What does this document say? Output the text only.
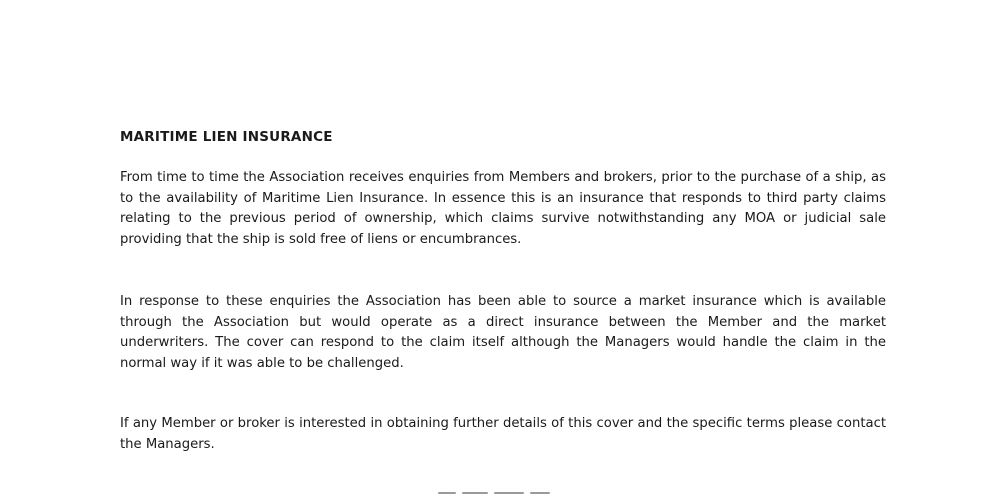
MARITIME LIEN INSURANCE

From time to time the Association receives enquiries from Members and brokers, prior to the purchase of a ship, as to the availability of Maritime Lien Insurance. In essence this is an insurance that responds to third party claims relating to the previous period of ownership, which claims survive notwithstanding any MOA or judicial sale providing that the ship is sold free of liens or encumbrances.

In response to these enquiries the Association has been able to source a market insurance which is available through the Association but would operate as a direct insurance between the Member and the market underwriters. The cover can respond to the claim itself although the Managers would handle the claim in the normal way if it was able to be challenged.

If any Member or broker is interested in obtaining further details of this cover and the specific terms please contact the Managers.
